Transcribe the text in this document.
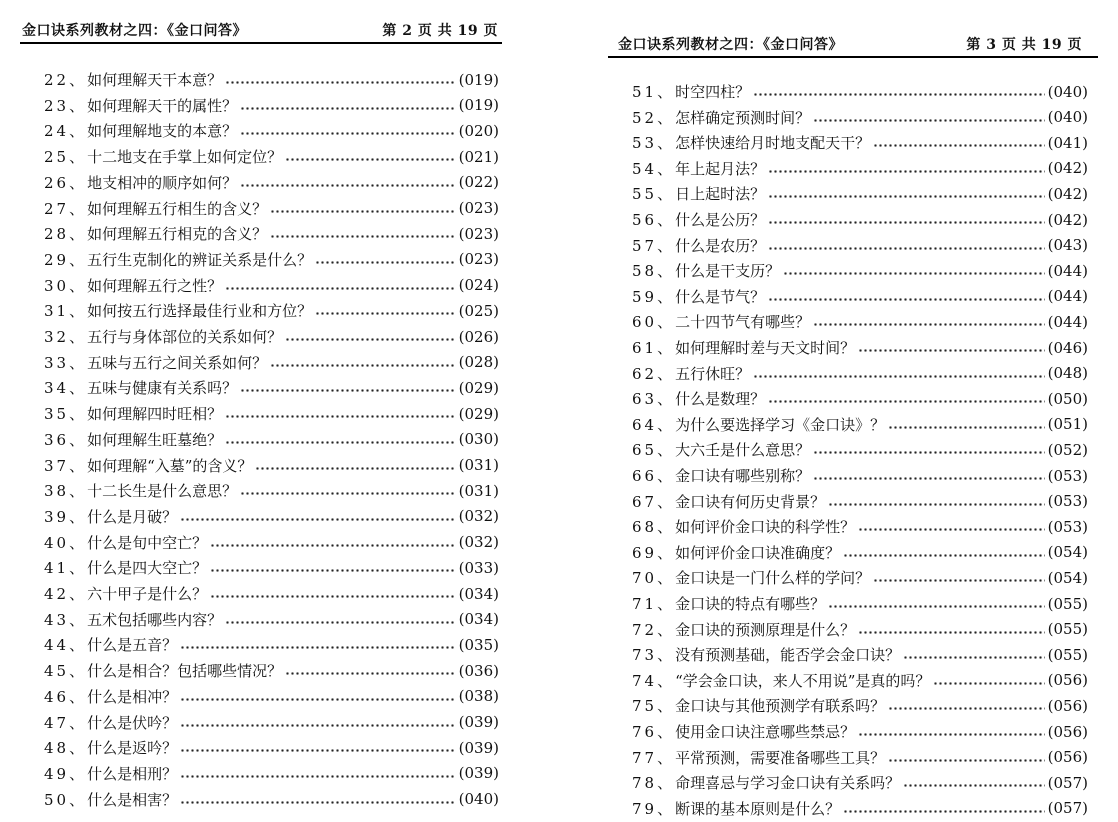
金口诀系列教材之四：《金口问答》	第 2 页 共 19 页
22、 如何理解天干本意？	(019)
23、 如何理解天干的属性？	(019)
24、 如何理解地支的本意？	(020)
25、 十二地支在手掌上如何定位？	(021)
26、 地支相冲的顺序如何？	(022)
27、 如何理解五行相生的含义？	(023)
28、 如何理解五行相克的含义？	(023)
29、 五行生克制化的辨证关系是什么？	(023)
30、 如何理解五行之性？	(024)
31、 如何按五行选择最佳行业和方位？	(025)
32、 五行与身体部位的关系如何？	(026)
33、 五味与五行之间关系如何？	(028)
34、 五味与健康有关系吗？	(029)
35、 如何理解四时旺相？	(029)
36、 如何理解生旺墓绝？	(030)
37、 如何理解“入墓”的含义？	(031)
38、 十二长生是什么意思？	(031)
39、 什么是月破？	(032)
40、 什么是旬中空亡？	(032)
41、 什么是四大空亡？	(033)
42、 六十甲子是什么？	(034)
43、 五术包括哪些内容？	(034)
44、 什么是五音？	(035)
45、 什么是相合？包括哪些情况？	(036)
46、 什么是相冲？	(038)
47、 什么是伏吟？	(039)
48、 什么是返吟？	(039)
49、 什么是相刑？	(039)
50、 什么是相害？	(040)
金口诀系列教材之四：《金口问答》	第 3 页 共 19 页
51、 时空四柱？	(040)
52、 怎样确定预测时间？	(040)
53、 怎样快速给月时地支配天干？	(041)
54、 年上起月法？	(042)
55、 日上起时法？	(042)
56、 什么是公历？	(042)
57、 什么是农历？	(043)
58、 什么是干支历？	(044)
59、 什么是节气？	(044)
60、 二十四节气有哪些？	(044)
61、 如何理解时差与天文时间？	(046)
62、 五行休旺？	(048)
63、 什么是数理？	(050)
64、 为什么要选择学习《金口诀》？	(051)
65、 大六壬是什么意思？	(052)
66、 金口诀有哪些别称？	(053)
67、 金口诀有何历史背景？	(053)
68、 如何评价金口诀的科学性？	(053)
69、 如何评价金口诀准确度？	(054)
70、 金口诀是一门什么样的学问？	(054)
71、 金口诀的特点有哪些？	(055)
72、 金口诀的预测原理是什么？	(055)
73、 没有预测基础，能否学会金口诀？	(055)
74、 “学会金口诀，来人不用说”是真的吗？	(056)
75、 金口诀与其他预测学有联系吗？	(056)
76、 使用金口诀注意哪些禁忌？	(056)
77、 平常预测，需要准备哪些工具？	(056)
78、 命理喜忌与学习金口诀有关系吗？	(057)
79、 断课的基本原则是什么？	(057)
